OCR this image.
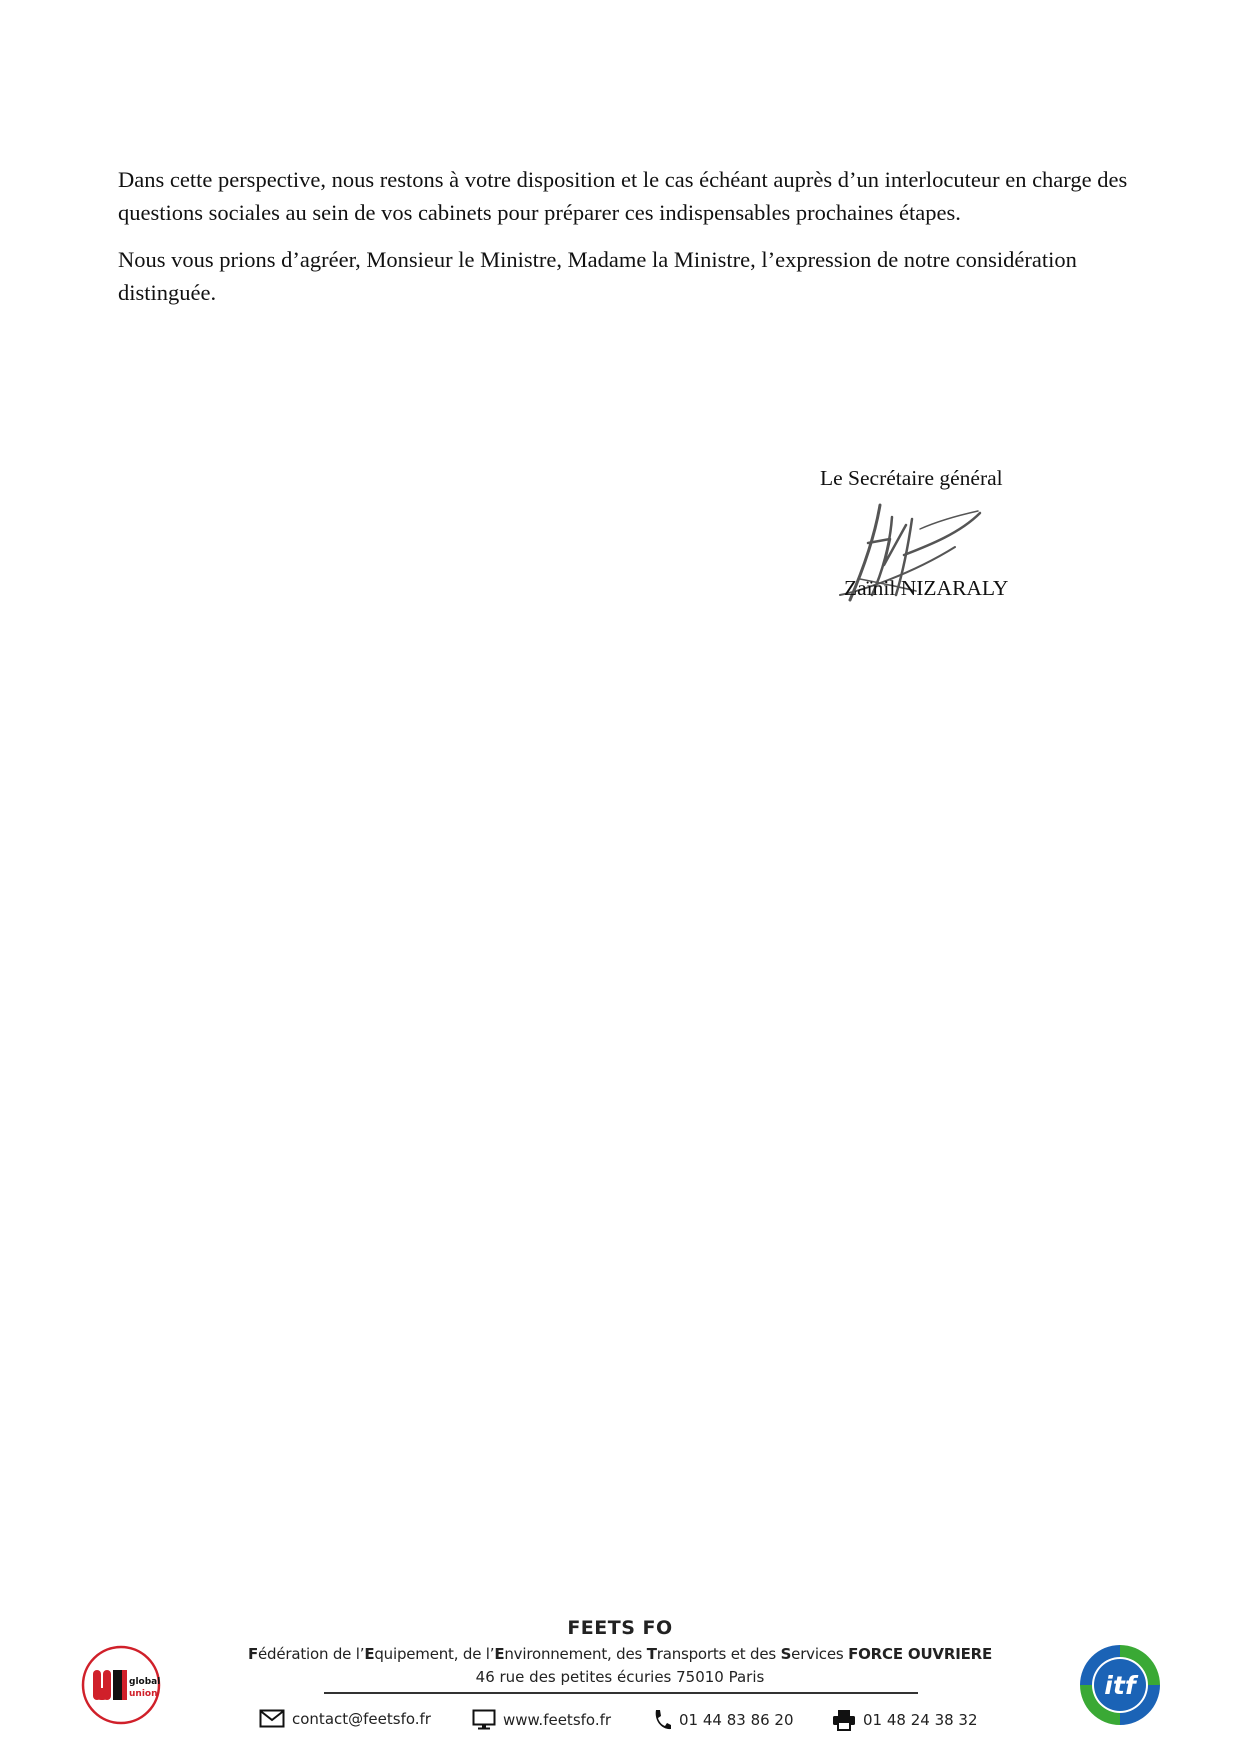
Dans cette perspective, nous restons à votre disposition et le cas échéant auprès d’un interlocuteur en charge des questions sociales au sein de vos cabinets pour préparer ces indispensables prochaines étapes.

Nous vous prions d’agréer, Monsieur le Ministre, Madame la Ministre, l’expression de notre considération distinguée.

Le Secrétaire général
Zaïnil NIZARALY
global
union
FEETS FO
Fédération de l’Equipement, de l’Environnement, des Transports et des Services FORCE OUVRIERE
46 rue des petites écuries 75010 Paris
contact@feetsfo.fr	www.feetsfo.fr	01 44 83 86 20	01 48 24 38 32
itf
